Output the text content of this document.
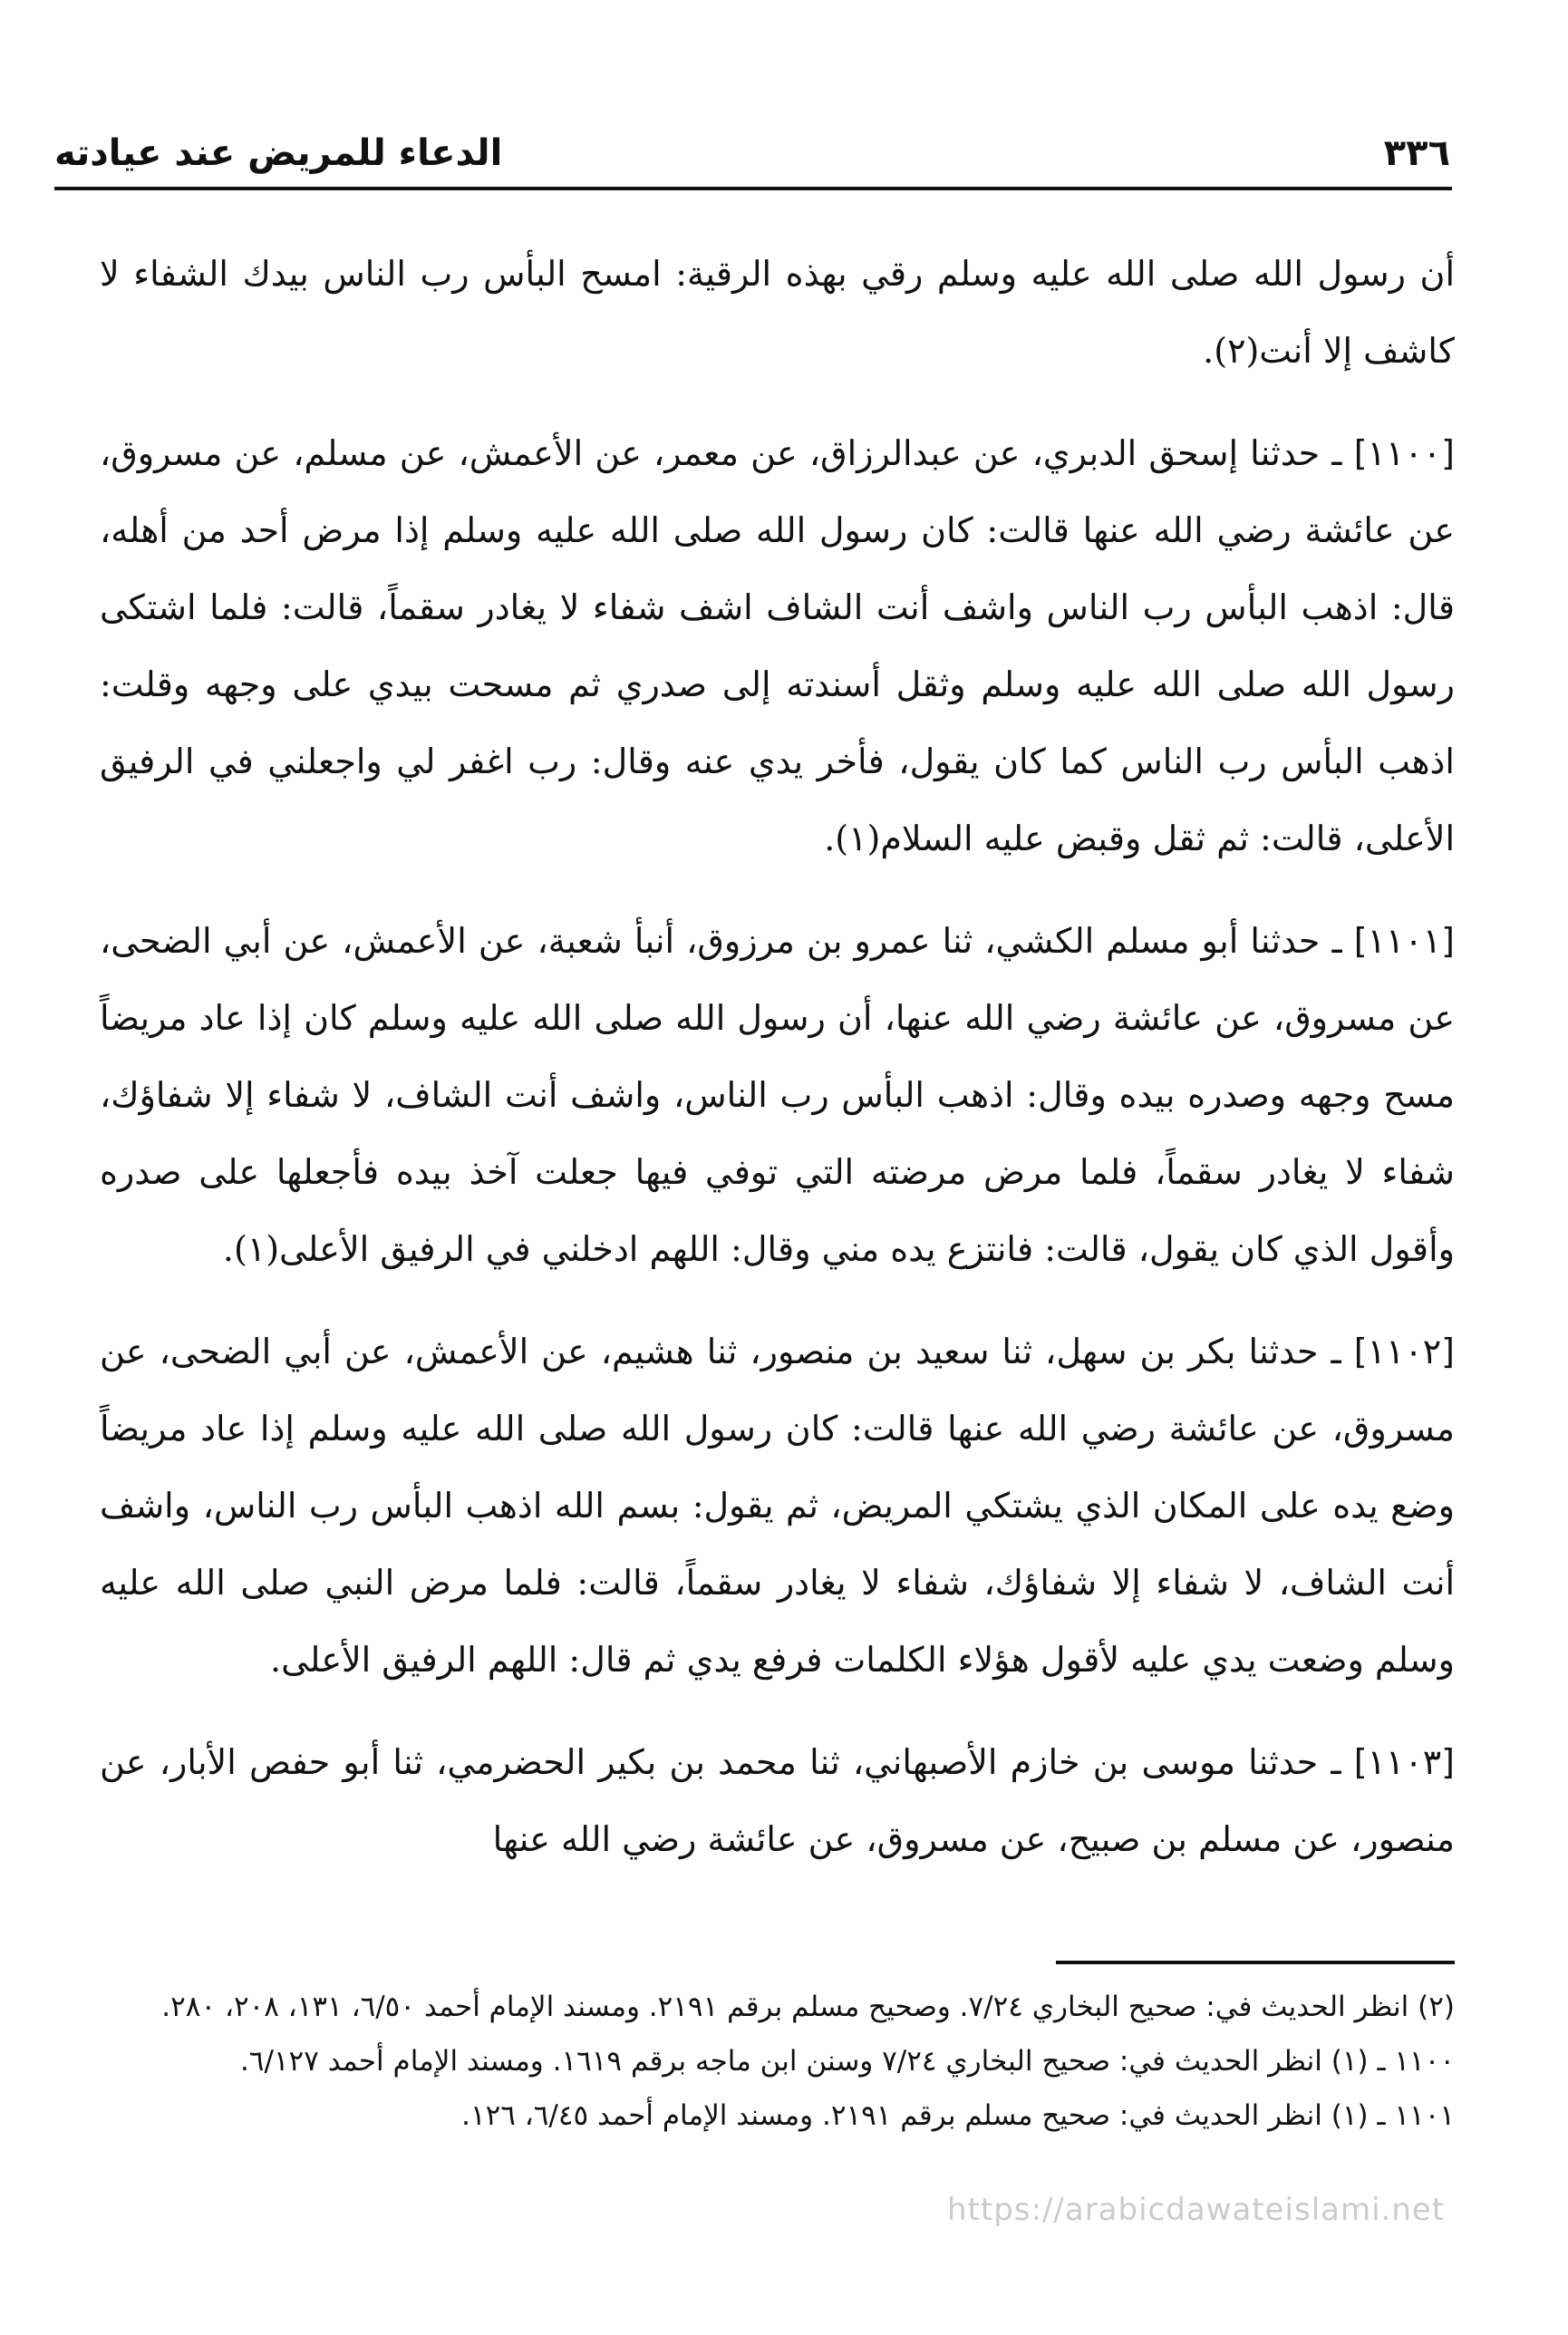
٣٣٦
الدعاء للمريض عند عيادته

أن رسول الله صلى الله عليه وسلم رقي بهذه الرقية: امسح البأس رب الناس بيدك الشفاء لا كاشف إلا أنت(٢).

[١١٠٠] ـ حدثنا إسحق الدبري، عن عبدالرزاق، عن معمر، عن الأعمش، عن مسلم، عن مسروق، عن عائشة رضي الله عنها قالت: كان رسول الله صلى الله عليه وسلم إذا مرض أحد من أهله، قال: اذهب البأس رب الناس واشف أنت الشاف اشف شفاء لا يغادر سقماً، قالت: فلما اشتكى رسول الله صلى الله عليه وسلم وثقل أسندته إلى صدري ثم مسحت بيدي على وجهه وقلت: اذهب البأس رب الناس كما كان يقول، فأخر يدي عنه وقال: رب اغفر لي واجعلني في الرفيق الأعلى، قالت: ثم ثقل وقبض عليه السلام(١).

[١١٠١] ـ حدثنا أبو مسلم الكشي، ثنا عمرو بن مرزوق، أنبأ شعبة، عن الأعمش، عن أبي الضحى، عن مسروق، عن عائشة رضي الله عنها، أن رسول الله صلى الله عليه وسلم كان إذا عاد مريضاً مسح وجهه وصدره بيده وقال: اذهب البأس رب الناس، واشف أنت الشاف، لا شفاء إلا شفاؤك، شفاء لا يغادر سقماً، فلما مرض مرضته التي توفي فيها جعلت آخذ بيده فأجعلها على صدره وأقول الذي كان يقول، قالت: فانتزع يده مني وقال: اللهم ادخلني في الرفيق الأعلى(١).

[١١٠٢] ـ حدثنا بكر بن سهل، ثنا سعيد بن منصور، ثنا هشيم، عن الأعمش، عن أبي الضحى، عن مسروق، عن عائشة رضي الله عنها قالت: كان رسول الله صلى الله عليه وسلم إذا عاد مريضاً وضع يده على المكان الذي يشتكي المريض، ثم يقول: بسم الله اذهب البأس رب الناس، واشف أنت الشاف، لا شفاء إلا شفاؤك، شفاء لا يغادر سقماً، قالت: فلما مرض النبي صلى الله عليه وسلم وضعت يدي عليه لأقول هؤلاء الكلمات فرفع يدي ثم قال: اللهم الرفيق الأعلى.

[١١٠٣] ـ حدثنا موسى بن خازم الأصبهاني، ثنا محمد بن بكير الحضرمي، ثنا أبو حفص الأبار، عن منصور، عن مسلم بن صبيح، عن مسروق، عن عائشة رضي الله عنها

(٢) انظر الحديث في: صحيح البخاري ٧/٢٤. وصحيح مسلم برقم ٢١٩١. ومسند الإمام أحمد ٦/٥٠، ١٣١، ٢٠٨، ٢٨٠.

١١٠٠ ـ (١) انظر الحديث في: صحيح البخاري ٧/٢٤ وسنن ابن ماجه برقم ١٦١٩. ومسند الإمام أحمد ٦/١٢٧.

١١٠١ ـ (١) انظر الحديث في: صحيح مسلم برقم ٢١٩١. ومسند الإمام أحمد ٦/٤٥، ١٢٦.

https://arabicdawateislami.net
